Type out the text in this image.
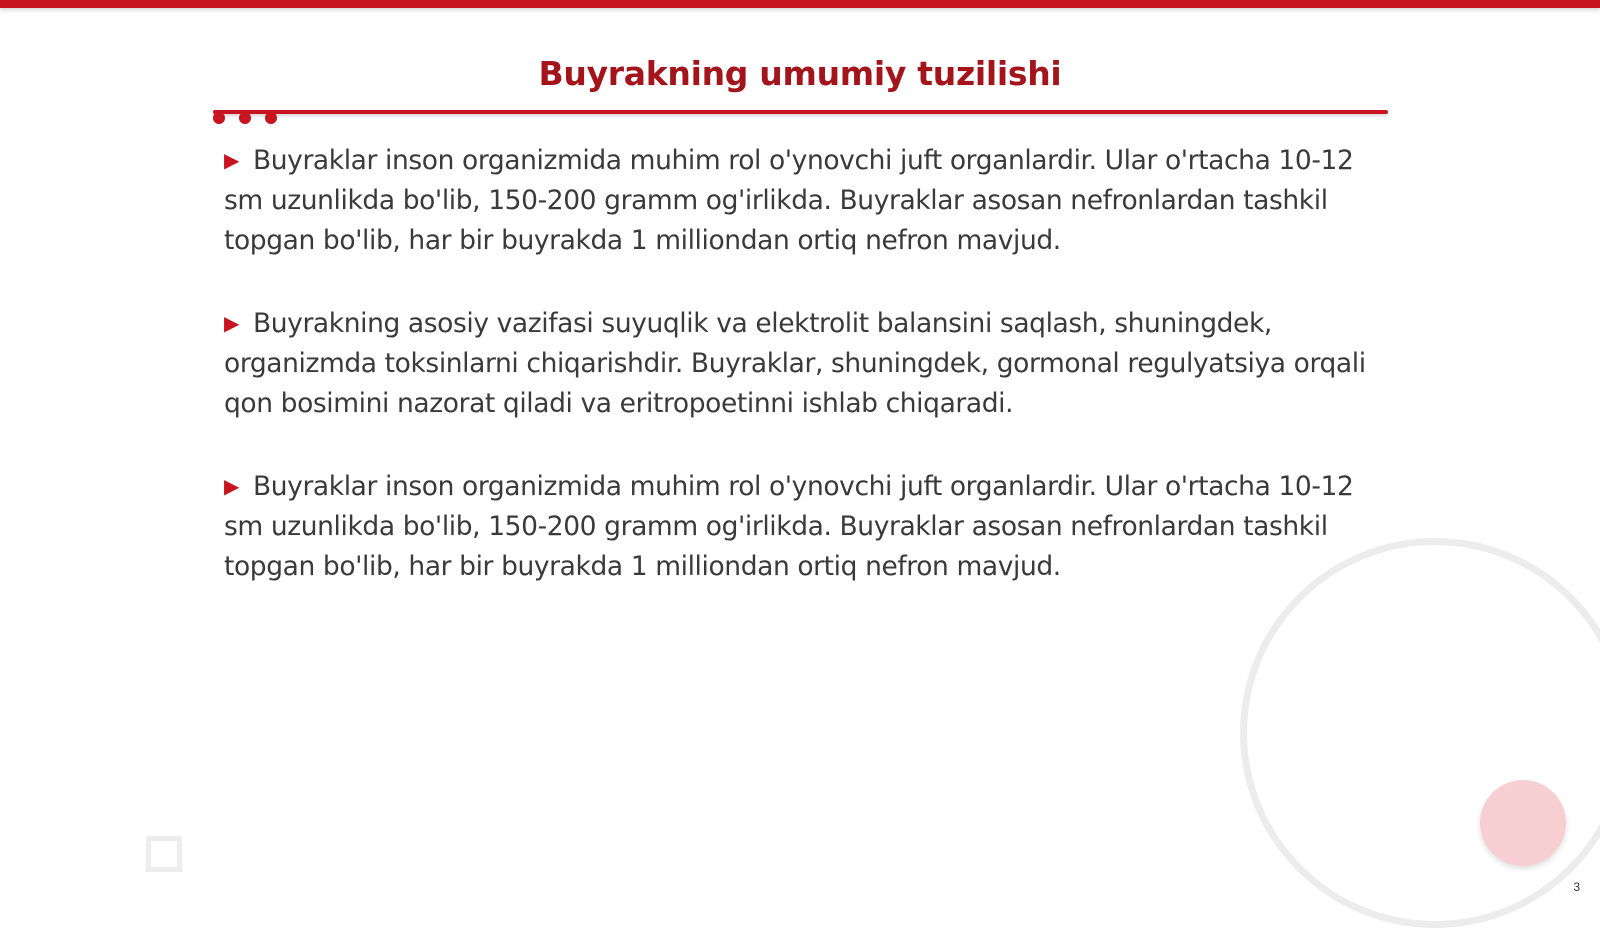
Buyrakning umumiy tuzilishi

▶ Buyraklar inson organizmida muhim rol o'ynovchi juft organlardir. Ular o'rtacha 10-12 sm uzunlikda bo'lib, 150-200 gramm og'irlikda. Buyraklar asosan nefronlardan tashkil topgan bo'lib, har bir buyrakda 1 milliondan ortiq nefron mavjud.

▶ Buyrakning asosiy vazifasi suyuqlik va elektrolit balansini saqlash, shuningdek, organizmda toksinlarni chiqarishdir. Buyraklar, shuningdek, gormonal regulyatsiya orqali qon bosimini nazorat qiladi va eritropoetinni ishlab chiqaradi.

▶ Buyraklar inson organizmida muhim rol o'ynovchi juft organlardir. Ular o'rtacha 10-12 sm uzunlikda bo'lib, 150-200 gramm og'irlikda. Buyraklar asosan nefronlardan tashkil topgan bo'lib, har bir buyrakda 1 milliondan ortiq nefron mavjud.

3
